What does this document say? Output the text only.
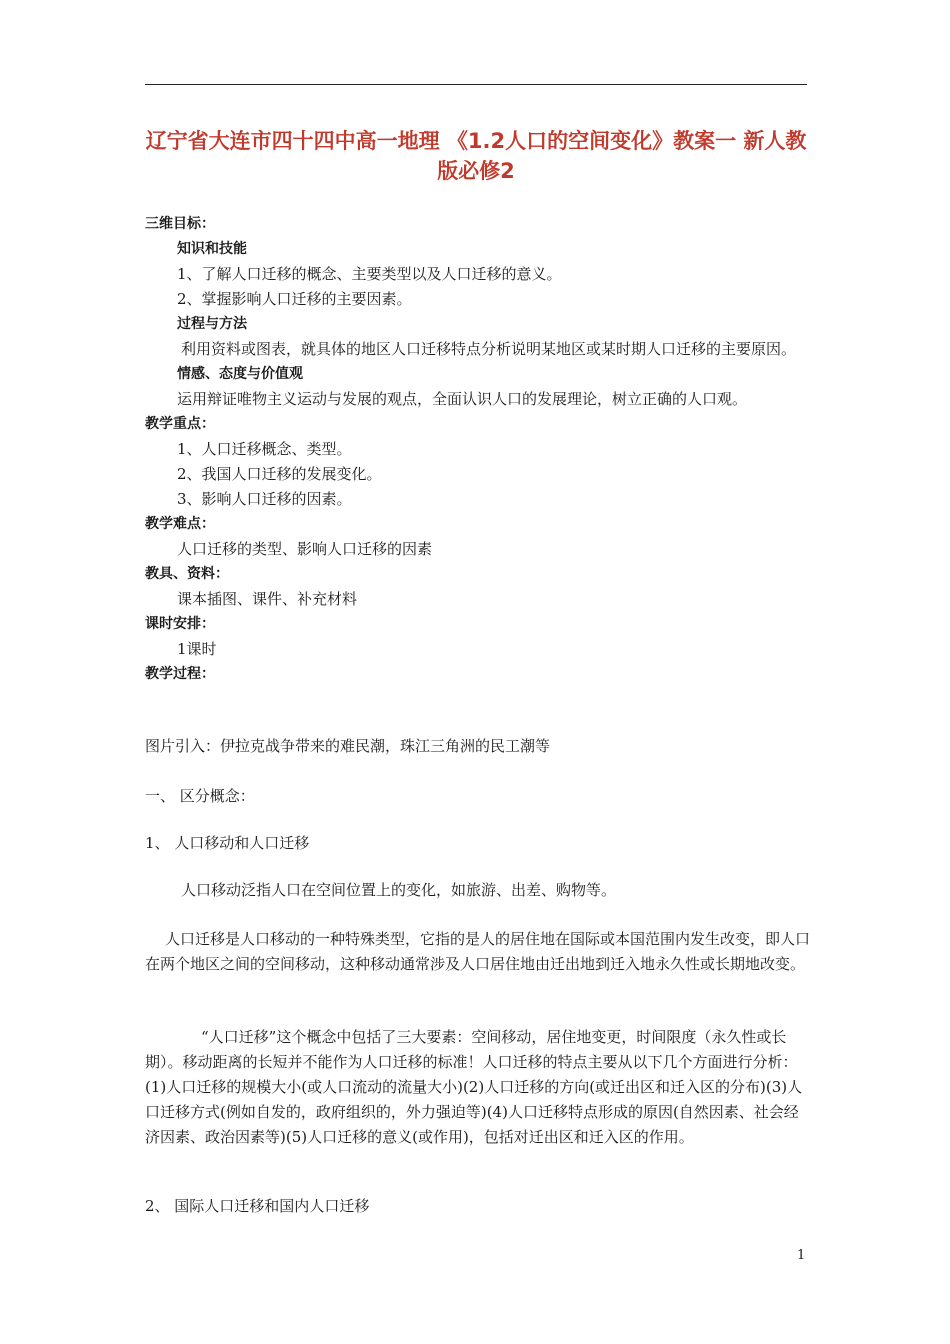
辽宁省大连市四十四中高一地理 《1.2人口的空间变化》教案一 新人教版必修2
三维目标：
知识和技能
1、了解人口迁移的概念、主要类型以及人口迁移的意义。
2、掌握影响人口迁移的主要因素。
过程与方法
利用资料或图表，就具体的地区人口迁移特点分析说明某地区或某时期人口迁移的主要原因。
情感、态度与价值观
运用辩证唯物主义运动与发展的观点，全面认识人口的发展理论，树立正确的人口观。
教学重点：
1、人口迁移概念、类型。
2、我国人口迁移的发展变化。
3、影响人口迁移的因素。
教学难点：
人口迁移的类型、影响人口迁移的因素
教具、资料：
课本插图、课件、补充材料
课时安排：
1课时
教学过程：
图片引入：伊拉克战争带来的难民潮，珠江三角洲的民工潮等
一、 区分概念：
1、 人口移动和人口迁移
人口移动泛指人口在空间位置上的变化，如旅游、出差、购物等。
人口迁移是人口移动的一种特殊类型，它指的是人的居住地在国际或本国范围内发生改变，即人口在两个地区之间的空间移动，这种移动通常涉及人口居住地由迁出地到迁入地永久性或长期地改变。
“人口迁移”这个概念中包括了三大要素：空间移动，居住地变更，时间限度（永久性或长期）。移动距离的长短并不能作为人口迁移的标准！人口迁移的特点主要从以下几个方面进行分析：(1)人口迁移的规模大小(或人口流动的流量大小)(2)人口迁移的方向(或迁出区和迁入区的分布)(3)人口迁移方式(例如自发的，政府组织的，外力强迫等)(4)人口迁移特点形成的原因(自然因素、社会经济因素、政治因素等)(5)人口迁移的意义(或作用)，包括对迁出区和迁入区的作用。
2、 国际人口迁移和国内人口迁移
1
